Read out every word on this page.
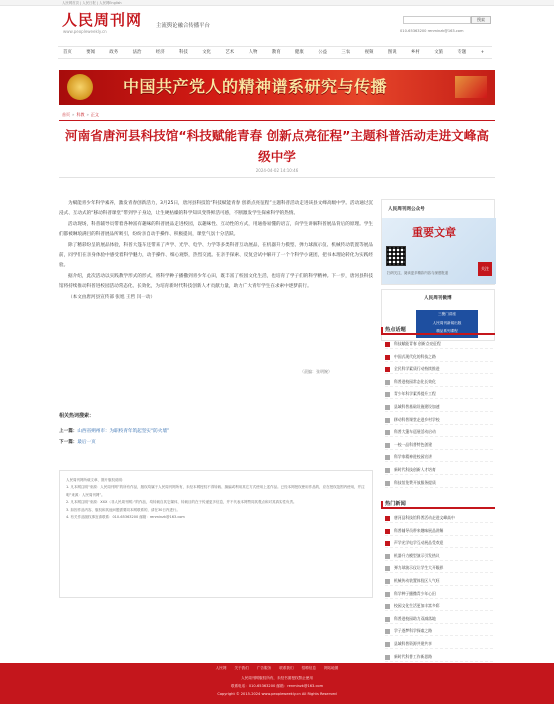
人民网首页 | 人民日报 | 人民网English
人民周刊网
www.peopleweekly.cn
主流舆论融合传播平台
搜索
010-65363200 renminzk@163.com
首页	要闻	政务	法治	经济	科技	文化	艺术	人物	教育	健康	公益	三农	视频	图说	乡村	文旅	专题	+
中国共产党人的精神谱系研究与传播
首页 » 科教 » 正文
河南省唐河县科技馆“科技赋能青春 创新点亮征程”主题科普活动走进文峰高级中学
2024-04-02 14:10:46

为赋能青少年科学素养，激发青春创新活力，3月25日，唐河县科技馆“科技赋能青春 创新点亮征程”主题科普活动走进该县文峰高级中学。活动通过沉浸式、互动式的“移动科普课堂”带到学子身边，让生硬枯燥的科学知识变得鲜活可感，不断激发学生探索科学的热情。

活动现场，科普辅导员带着各种富有趣味的科普展品走进校园，以趣味性、互动性的方式，用通俗易懂的语言，向学生讲解科普展品背后的原理。学生们都被琳琅满目的科普展品所吸引，纷纷亲自动手操作、积极提问，课堂气氛十分活跃。

除了精彩纷呈的展品体验，科普大篷车还带来了声学、光学、电学、力学等多类科普互动展品，在机器升力模型、弹力球演示仪、机械传动装置等展品前，同学们在亲身体验中感受着科学魅力，动手操作、细心观察，热烈交流。在亲手探索、反复尝试中解开了一个个科学小谜团，把书本理论转化为实践经验。

据介绍，此次活动以实践教学形式的形式，将科学种子播撒到青少年心田，既丰富了校园文化生活，也培育了学子们的科学精神。下一步，唐河县科技馆将持续推动科普进校园活动常态化、长效化，为培育新时代科技创新人才贡献力量，助力广大青年学生在求索中逐梦前行。

（本文由唐河县宣传部 张旭 王哲 闫一动）

（责编：张明婉）
相关热词搜索：
上一篇：山西省朔州市：为职校青年筑起坚实“防火墙”
下一篇：最后一页

人民周刊网所载文章、图片版权说明：

1. 凡本网注明“来源：人民周刊网”的所有作品，版权均属于人民周刊网所有，未经本网授权不得转载、摘编或利用其它方式使用上述作品。已经本网授权使用作品的，应在授权范围内使用，并注明“来源：人民周刊网”。

2. 凡本网注明“来源：XXX（非人民周刊网）”的作品，均转载自其它媒体，转载目的在于传递更多信息，并不代表本网赞同其观点和对其真实性负责。

3. 如因作品内容、版权和其他问题需要同本网联系的，请在30日内进行。

4. 有关作品版权事宜请联系：010-65363200 邮箱：renminzk@163.com

人民周刊网公众号
重要文章
扫码关注，阅读更多精彩内容与深度报道
关注
人民周刊微博
三聚门讲座
人民周刊新闻出版
精品系列课程
热点话题
科技赋能青春 创新点亮征程
中国式现代化的科技之路
全民科学素质行动持续推进
科普进校园常态化长效化
青少年科学素养提升工程
县域科普基础设施建设加速
移动科普课堂走进乡村学校
科普大篷车巡展活动启动
一校一品科普特色创建
科学家精神进校园宣讲
新时代科技创新人才培育
科技馆免费开放服务提质
热门新闻
唐河县科技馆科普活动走进文峰高中
科普辅导员带来趣味展品讲解
声学光学电学互动展品受欢迎
机器升力模型演示引发热议
弹力球演示仪让学生大开眼界
机械传动装置体验区人气旺
科学种子播撒青少年心田
校园文化生活更加丰富多彩
科普进校园助力双减落地
学子逐梦科学探索之路
县域科普资源共建共享
新时代科普工作新思路
人民网 关于我们 广告服务 联系我们 招聘信息 网站地图
人民周刊网版权所有，未经书面授权禁止使用
联系电话：010-65363200 邮箱：renminzk@163.com
Copyright © 2015-2024 www.peopleweekly.cn All Rights Reserved
